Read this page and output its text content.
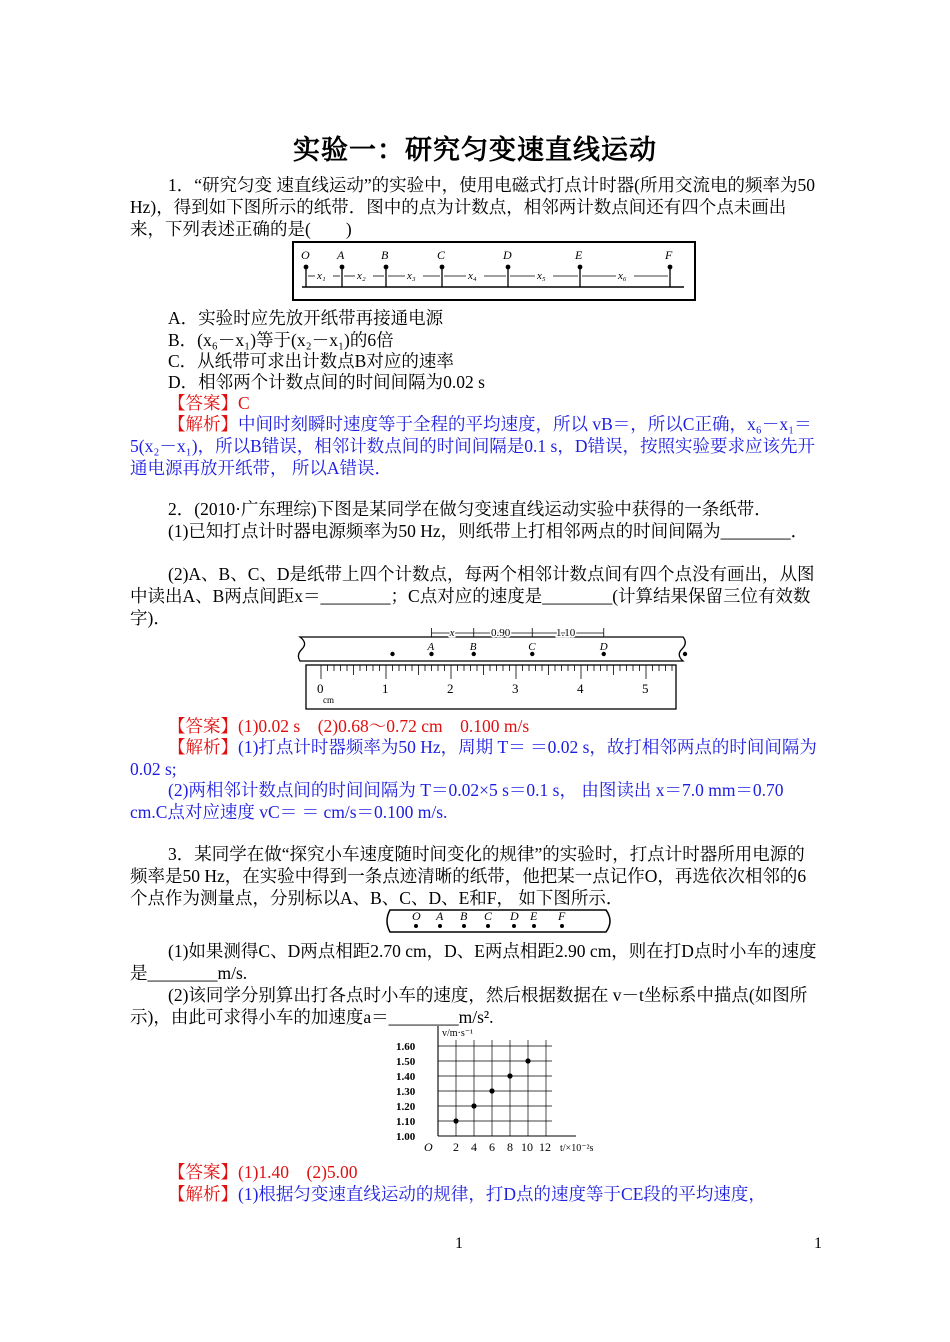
实验一：研究匀变速直线运动
1．“研究匀变 速直线运动”的实验中，使用电磁式打点计时器(所用交流电的频率为50 Hz)，得到如下图所示的纸带．图中的点为计数点，相邻两计数点间还有四个点未画出来，下列表述正确的是(　　)
O A	B	C	D	E	F
x₁	x₂	x₃	x₄	x₅	x₆
A．实验时应先放开纸带再接通电源
B．(x₆－x₁)等于(x₂－x₁)的6倍
C．从纸带可求出计数点B对应的速率
D．相邻两个计数点间的时间间隔为0.02 s
【答案】C
【解析】中间时刻瞬时速度等于全程的平均速度，所以 vB＝，所以C正确，x₆－x₁＝5(x₂－x₁)，所以B错误，相邻计数点间的时间间隔是0.1 s，D错误，按照实验要求应该先开通电源再放开纸带， 所以A错误．
2．(2010·广东理综)下图是某同学在做匀变速直线运动实验中获得的一条纸带．
(1)已知打点计时器电源频率为50 Hz，则纸带上打相邻两点的时间间隔为________．
(2)A、B、C、D是纸带上四个计数点，每两个相邻计数点间有四个点没有画出，从图中读出A、B两点间距x＝________；C点对应的速度是________(计算结果保留三位有效数字)．
0	1	2	3	4	5
cm
A	B	C	D
x	0.90	1.10
【答案】(1)0.02 s　(2)0.68～0.72 cm　0.100 m/s
【解析】(1)打点计时器频率为50 Hz，周期 T＝ ＝0.02 s，故打相邻两点的时间间隔为0.02 s;
(2)两相邻计数点间的时间间隔为 T＝0.02×5 s＝0.1 s， 由图读出 x＝7.0 mm＝0.70 cm.C点对应速度 vC＝ ＝ cm/s＝0.100 m/s.
3．某同学在做“探究小车速度随时间变化的规律”的实验时，打点计时器所用电源的频率是50 Hz，在实验中得到一条点迹清晰的纸带，他把某一点记作O，再选依次相邻的6个点作为测量点，分别标以A、B、C、D、E和F， 如下图所示．
O A B C D E F
(1)如果测得C、D两点相距2.70 cm，D、E两点相距2.90 cm，则在打D点时小车的速度是________m/s.
(2)该同学分别算出打各点时小车的速度，然后根据数据在 v－t坐标系中描点(如图所示)，由此可求得小车的加速度a＝________m/s².
1.00
1.10
1.20
1.30
1.40
1.50
1.60
2 4 6 8 10 12
O	t/×10⁻²s
v/m·s⁻¹
【答案】(1)1.40　(2)5.00
【解析】(1)根据匀变速直线运动的规律，打D点的速度等于CE段的平均速度，
1	1
